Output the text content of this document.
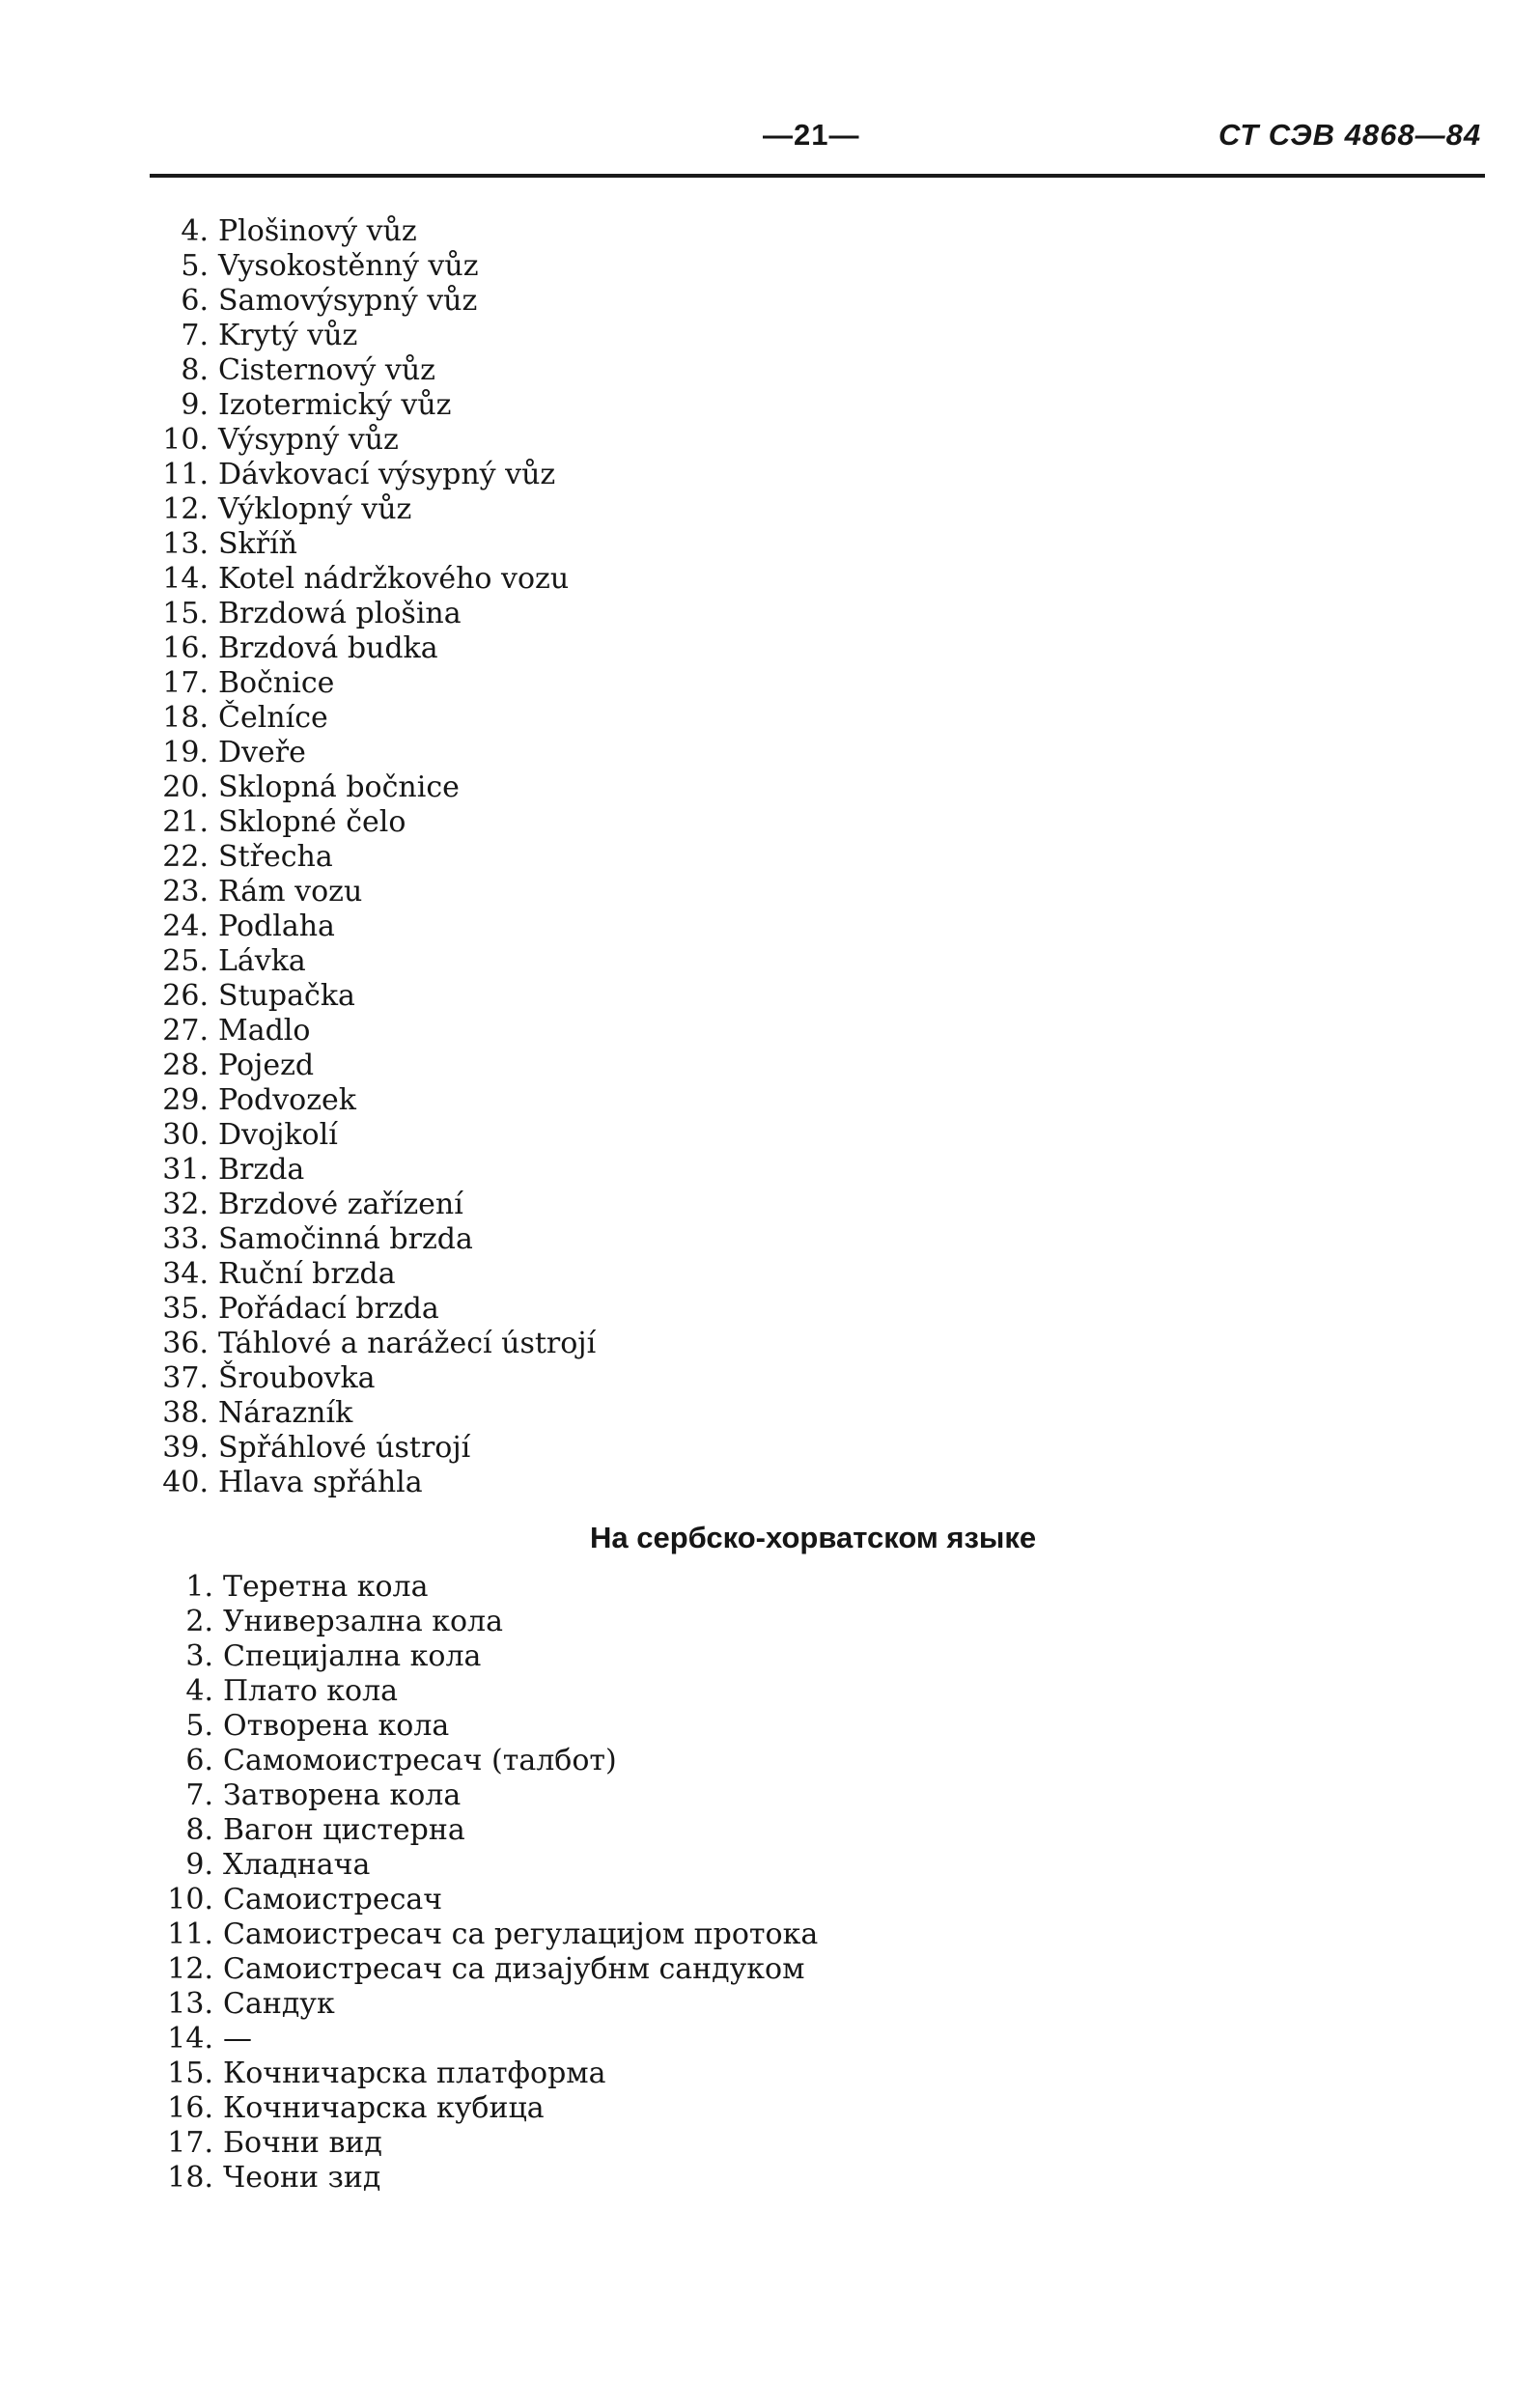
—21—	СТ СЭВ 4868—84
4. Plošinový vůz
5. Vysokostěnný vůz
6. Samovýsypný vůz
7. Krytý vůz
8. Cisternový vůz
9. Izotermický vůz
10. Výsypný vůz
11. Dávkovací výsypný vůz
12. Výklopný vůz
13. Skříň
14. Kotel nádržkového vozu
15. Brzdowá plošina
16. Brzdová budka
17. Bočnice
18. Čelníce
19. Dveře
20. Sklopná bočnice
21. Sklopné čelo
22. Střecha
23. Rám vozu
24. Podlaha
25. Lávka
26. Stupačka
27. Madlo
28. Pojezd
29. Podvozek
30. Dvojkolí
31. Brzda
32. Brzdové zařízení
33. Samočinná brzda
34. Ruční brzda
35. Pořádací brzda
36. Táhlové a narážecí ústrojí
37. Šroubovka
38. Nárazník
39. Spřáhlové ústrojí
40. Hlava spřáhla
На сербско-хорватском языке
1. Теретна кола
2. Универзална кола
3. Специјална кола
4. Плато кола
5. Отворена кола
6. Самомоистресач (талбот)
7. Затворена кола
8. Вагон цистерна
9. Хладнача
10. Самоистресач
11. Самоистресач са регулацијом протока
12. Самоистресач са дизајубнм сандуком
13. Сандук
14. —
15. Кочничарска платформа
16. Кочничарска кубица
17. Бочни вид
18. Чеони зид
